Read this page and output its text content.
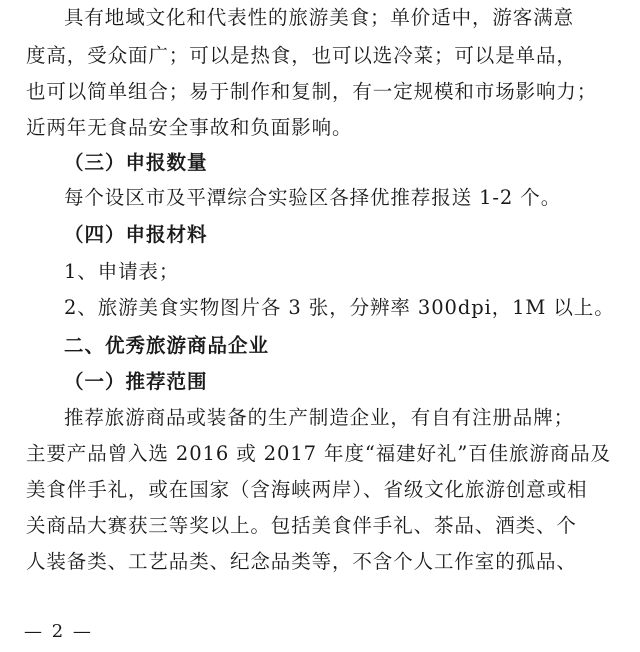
具有地域文化和代表性的旅游美食；单价适中，游客满意
度高，受众面广；可以是热食，也可以选冷菜；可以是单品，
也可以简单组合；易于制作和复制，有一定规模和市场影响力；
近两年无食品安全事故和负面影响。
（三）申报数量
每个设区市及平潭综合实验区各择优推荐报送 1-2 个。
（四）申报材料
1、申请表；
2、旅游美食实物图片各 3 张，分辨率 300dpi，1M 以上。
二、优秀旅游商品企业
（一）推荐范围
推荐旅游商品或装备的生产制造企业，有自有注册品牌；
主要产品曾入选 2016 或 2017 年度“福建好礼”百佳旅游商品及
美食伴手礼，或在国家（含海峡两岸）、省级文化旅游创意或相
关商品大赛获三等奖以上。包括美食伴手礼、茶品、酒类、个
人装备类、工艺品类、纪念品类等，不含个人工作室的孤品、
— 2 —
